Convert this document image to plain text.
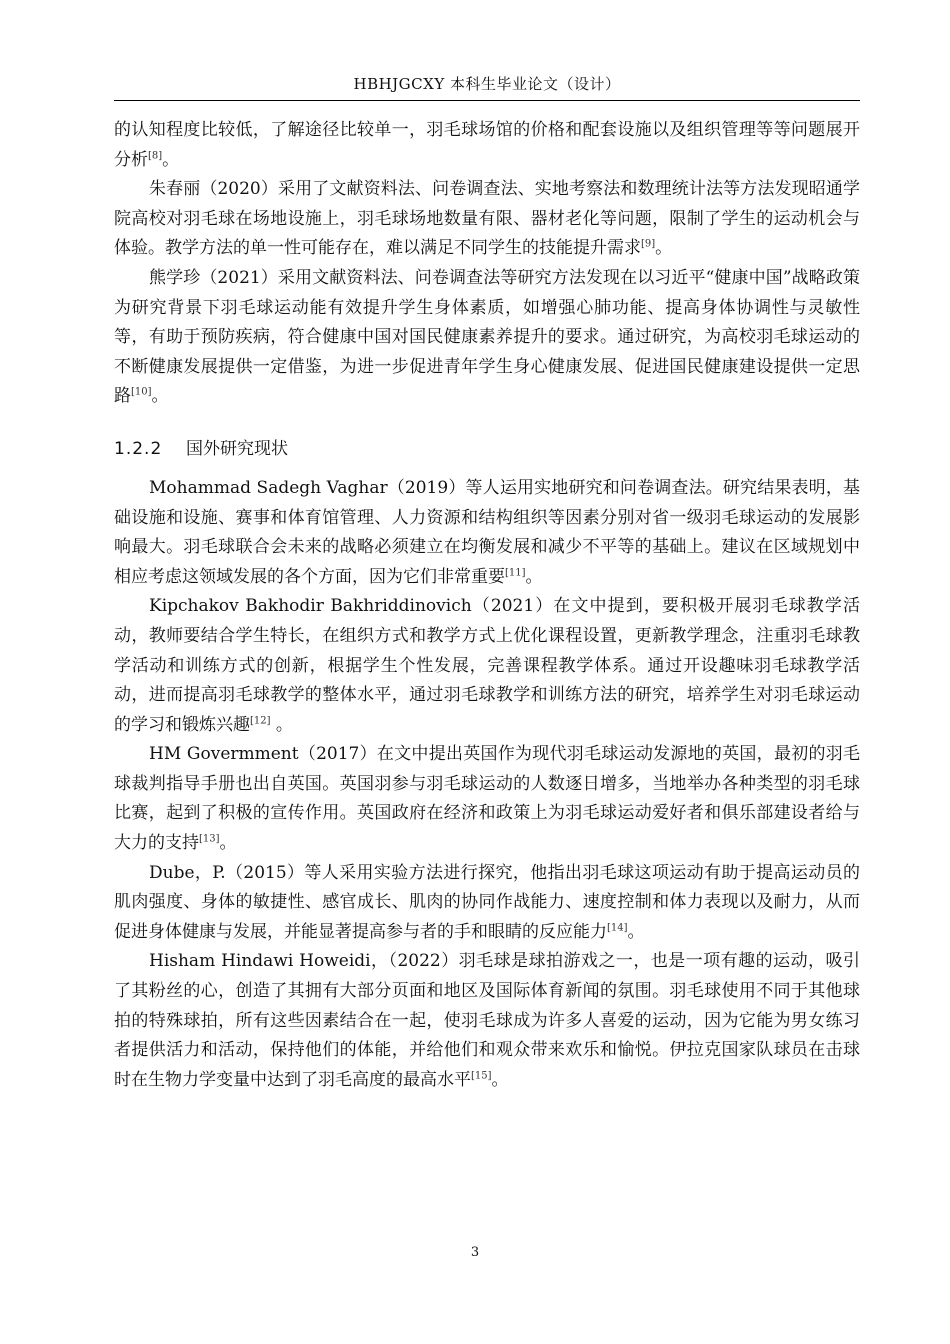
HBHJGCXY 本科生毕业论文（设计）

的认知程度比较低，了解途径比较单一，羽毛球场馆的价格和配套设施以及组织管理等等问题展开分析[8]。

朱春丽（2020）采用了文献资料法、问卷调查法、实地考察法和数理统计法等方法发现昭通学院高校对羽毛球在场地设施上，羽毛球场地数量有限、器材老化等问题，限制了学生的运动机会与体验。教学方法的单一性可能存在，难以满足不同学生的技能提升需求[9]。

熊学珍（2021）采用文献资料法、问卷调查法等研究方法发现在以习近平“健康中国”战略政策为研究背景下羽毛球运动能有效提升学生身体素质，如增强心肺功能、提高身体协调性与灵敏性等，有助于预防疾病，符合健康中国对国民健康素养提升的要求。通过研究，为高校羽毛球运动的不断健康发展提供一定借鉴，为进一步促进青年学生身心健康发展、促进国民健康建设提供一定思路[10]。

1.2.2 国外研究现状

Mohammad Sadegh Vaghar（2019）等人运用实地研究和问卷调查法。研究结果表明，基础设施和设施、赛事和体育馆管理、人力资源和结构组织等因素分别对省一级羽毛球运动的发展影响最大。羽毛球联合会未来的战略必须建立在均衡发展和减少不平等的基础上。建议在区域规划中相应考虑这领域发展的各个方面，因为它们非常重要[11]。

Kipchakov Bakhodir Bakhriddinovich（2021）在文中提到，要积极开展羽毛球教学活动，教师要结合学生特长，在组织方式和教学方式上优化课程设置，更新教学理念，注重羽毛球教学活动和训练方式的创新，根据学生个性发展，完善课程教学体系。通过开设趣味羽毛球教学活动，进而提高羽毛球教学的整体水平，通过羽毛球教学和训练方法的研究，培养学生对羽毛球运动的学习和锻炼兴趣[12] 。

HM Govermment（2017）在文中提出英国作为现代羽毛球运动发源地的英国，最初的羽毛球裁判指导手册也出自英国。英国羽参与羽毛球运动的人数逐日增多，当地举办各种类型的羽毛球比赛，起到了积极的宣传作用。英国政府在经济和政策上为羽毛球运动爱好者和俱乐部建设者给与大力的支持[13]。

Dube，P.（2015）等人采用实验方法进行探究，他指出羽毛球这项运动有助于提高运动员的肌肉强度、身体的敏捷性、感官成长、肌肉的协同作战能力、速度控制和体力表现以及耐力，从而促进身体健康与发展，并能显著提高参与者的手和眼睛的反应能力[14]。

Hisham Hindawi Howeidi，（2022）羽毛球是球拍游戏之一，也是一项有趣的运动，吸引了其粉丝的心，创造了其拥有大部分页面和地区及国际体育新闻的氛围。羽毛球使用不同于其他球拍的特殊球拍，所有这些因素结合在一起，使羽毛球成为许多人喜爱的运动，因为它能为男女练习者提供活力和活动，保持他们的体能，并给他们和观众带来欢乐和愉悦。伊拉克国家队球员在击球时在生物力学变量中达到了羽毛高度的最高水平[15]。

3
